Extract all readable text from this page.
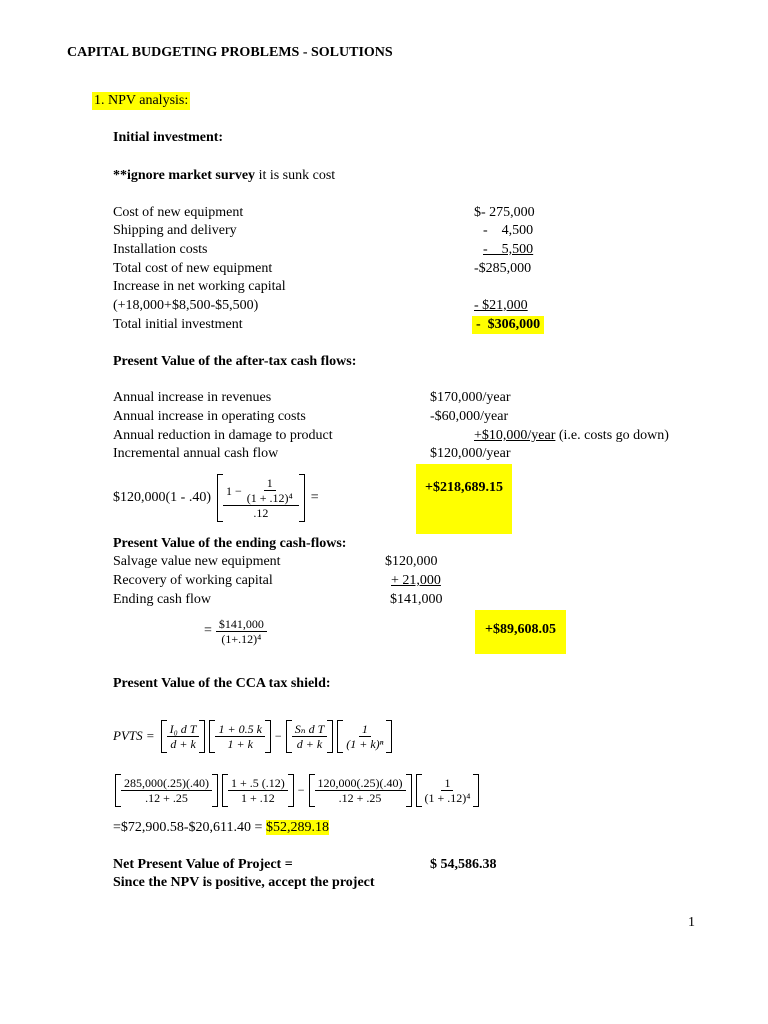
CAPITAL BUDGETING PROBLEMS - SOLUTIONS
1. NPV analysis:
Initial investment:
**ignore market survey it is sunk cost
Cost of new equipment	$- 275,000
Shipping and delivery	-    4,500
Installation costs	-    5,500
Total cost of new equipment	-$285,000
Increase in net working capital
(+18,000+$8,500-$5,500)	- $21,000
Total initial investment	-  $306,000
Present Value of the after-tax cash flows:
Annual increase in revenues	$170,000/year
Annual increase in operating costs	-$60,000/year
Annual reduction in damage to product	+$10,000/year (i.e. costs go down)
Incremental annual cash flow	$120,000/year
$120,000(1 - $.40) \frac{1 - \frac{1}{\text{(1 + .12)⁴}}}{.12}$ =
+$218,689.15
Present Value of the ending cash-flows:
Salvage value new equipment	$120,000
Recovery of working capital	+ 21,000
Ending cash flow	$141,000
= $\frac{\$141,000}{\text{(1+.12)⁴}}$	+$89,608.05
Present Value of the CCA tax shield:
PVTS = $\frac{\text{I₀ d T}}{d + k} \frac{1 + 0.5 k}{1 + k} - \frac{\text{Sₙ d T}}{d + k} \frac{1}{\text{(1 + k)ⁿ}}$
$\frac{285,000(.25)(.40)}{.12 + .25} \frac{1 + .5 (.12)}{1 + .12} - \frac{120,000(.25)(.40)}{.12 + .25} \frac{1}{\text{(1 + .12)⁴}}$
=$72,900.58-$20,611.40 = $52,289.18
Net Present Value of Project =	$ 54,586.38
Since the NPV is positive, accept the project
1
